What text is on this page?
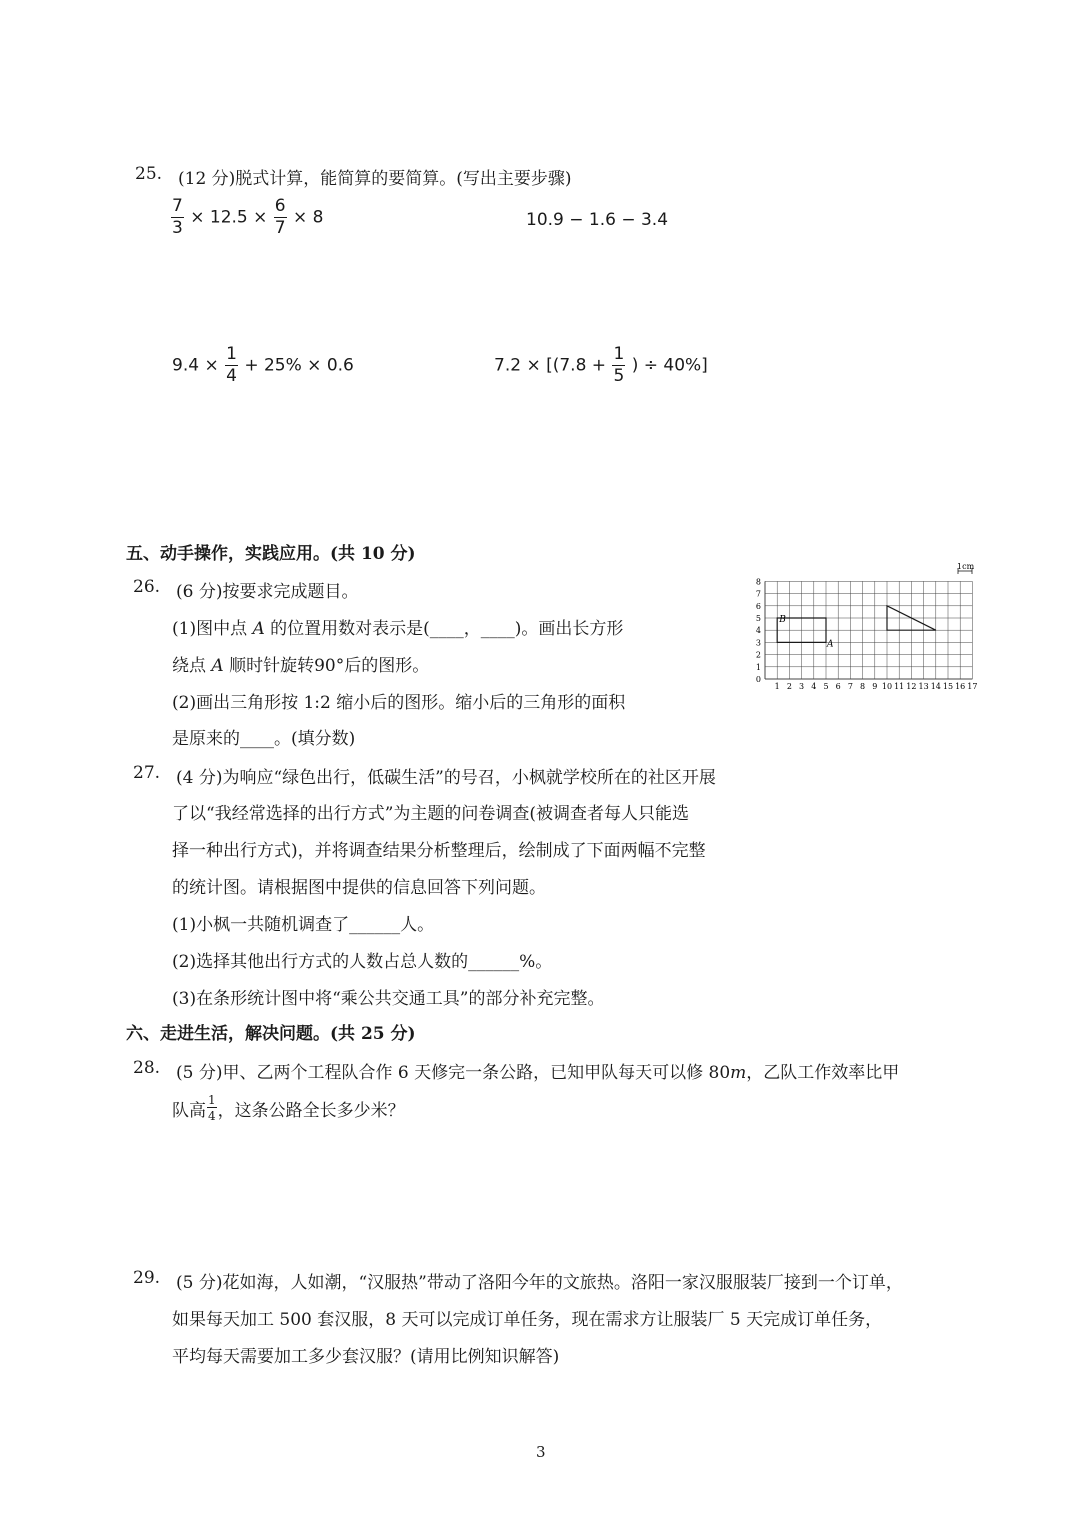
25. (12 分)脱式计算，能简算的要简算。(写出主要步骤)
$\frac{7}{3} \times 12.5 \times \frac{6}{7} \times 8$	10.9 − 1.6 − 3.4
$9.4 \times \frac{1}{4} + 25\% \times 0.6$	$7.2 \times [(7.8 + \frac{1}{5}$ ) ÷ 40%]
五、动手操作，实践应用。(共 10 分)
26. (6 分)按要求完成题目。
(1)图中点 𝐴 的位置用数对表示是(____，____)。画出长方形
绕点 𝐴 顺时针旋转90°后的图形。
(2)画出三角形按 1:2 缩小后的图形。缩小后的三角形的面积
是原来的____。(填分数)
1 2 3 4 5 6 7 8 9 10 11 12 13 14 15 16 17
0
1
2
3
4
5
6
7
8
B
A
1cm
27. (4 分)为响应“绿色出行，低碳生活”的号召，小枫就学校所在的社区开展
了以“我经常选择的出行方式”为主题的问卷调查(被调查者每人只能选
择一种出行方式)，并将调查结果分析整理后，绘制成了下面两幅不完整
的统计图。请根据图中提供的信息回答下列问题。
(1)小枫一共随机调查了______人。
(2)选择其他出行方式的人数占总人数的______%。
(3)在条形统计图中将“乘公共交通工具”的部分补充完整。
六、走进生活，解决问题。(共 25 分)
28. (5 分)甲、乙两个工程队合作 6 天修完一条公路，已知甲队每天可以修 80𝑚，乙队工作效率比甲
队高 $\frac{1}{4}$ ，这条公路全长多少米？
29. (5 分)花如海，人如潮，“汉服热”带动了洛阳今年的文旅热。洛阳一家汉服服装厂接到一个订单，
如果每天加工 500 套汉服，8 天可以完成订单任务，现在需求方让服装厂 5 天完成订单任务，
平均每天需要加工多少套汉服？(请用比例知识解答)
3
